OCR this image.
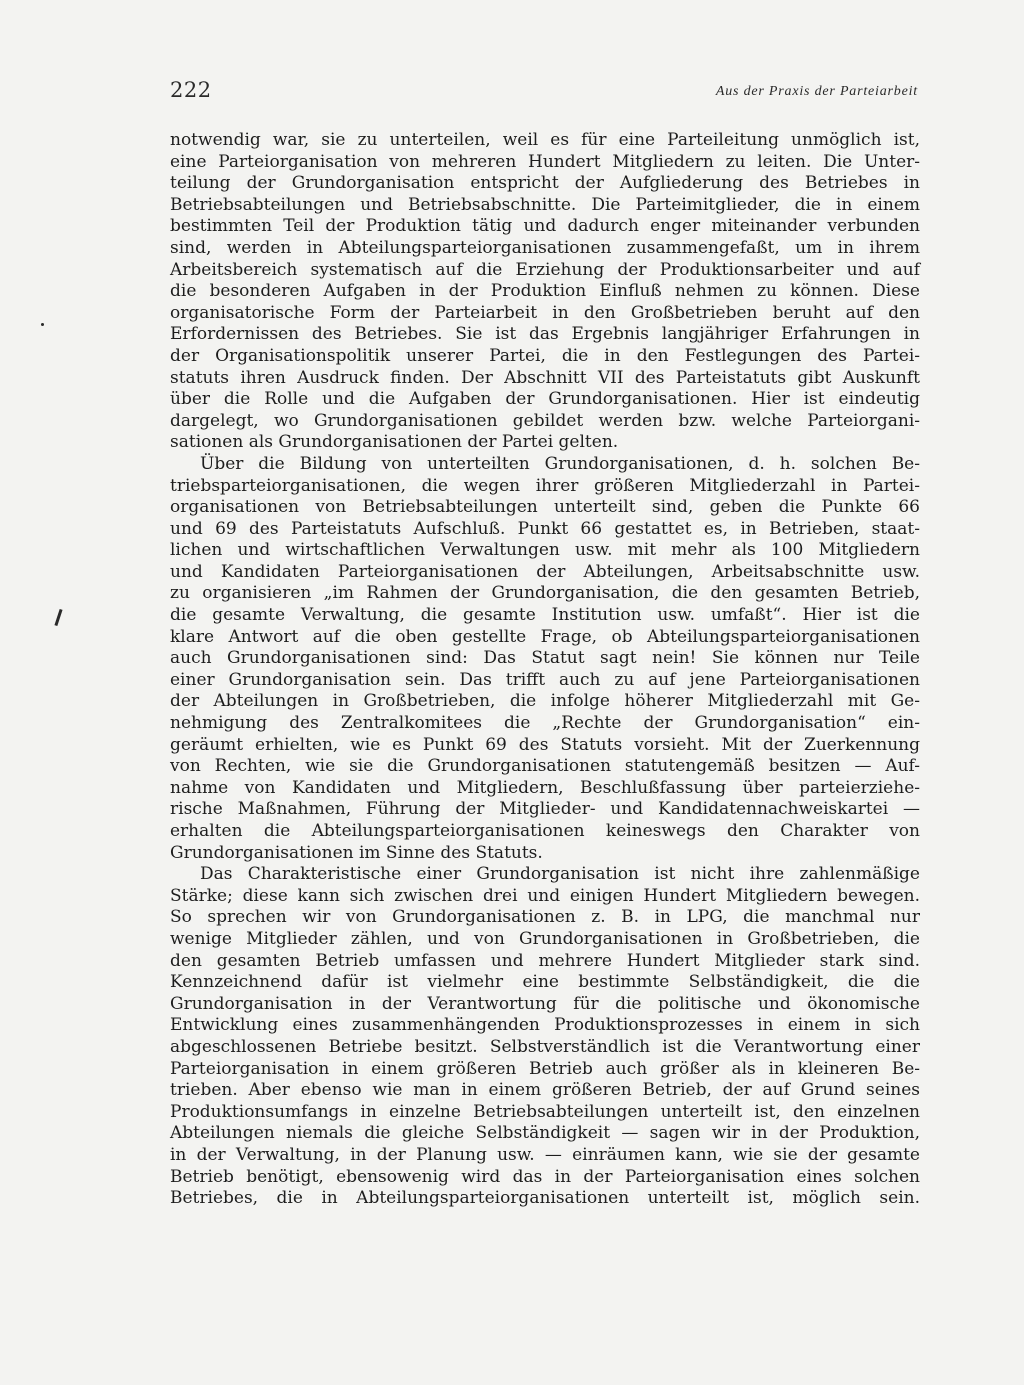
222	Aus der Praxis der Parteiarbeit
notwendig war, sie zu unterteilen, weil es für eine Parteileitung unmöglich ist,
eine Parteiorganisation von mehreren Hundert Mitgliedern zu leiten. Die Unter-
teilung der Grundorganisation entspricht der Aufgliederung des Betriebes in
Betriebsabteilungen und Betriebsabschnitte. Die Parteimitglieder, die in einem
bestimmten Teil der Produktion tätig und dadurch enger miteinander verbunden
sind, werden in Abteilungsparteiorganisationen zusammengefaßt, um in ihrem
Arbeitsbereich systematisch auf die Erziehung der Produktionsarbeiter und auf
die besonderen Aufgaben in der Produktion Einfluß nehmen zu können. Diese
organisatorische Form der Parteiarbeit in den Großbetrieben beruht auf den
Erfordernissen des Betriebes. Sie ist das Ergebnis langjähriger Erfahrungen in
der Organisationspolitik unserer Partei, die in den Festlegungen des Partei-
statuts ihren Ausdruck finden. Der Abschnitt VII des Parteistatuts gibt Auskunft
über die Rolle und die Aufgaben der Grundorganisationen. Hier ist eindeutig
dargelegt, wo Grundorganisationen gebildet werden bzw. welche Parteiorgani-
sationen als Grundorganisationen der Partei gelten.
Über die Bildung von unterteilten Grundorganisationen, d. h. solchen Be-
triebsparteiorganisationen, die wegen ihrer größeren Mitgliederzahl in Partei-
organisationen von Betriebsabteilungen unterteilt sind, geben die Punkte 66
und 69 des Parteistatuts Aufschluß. Punkt 66 gestattet es, in Betrieben, staat-
lichen und wirtschaftlichen Verwaltungen usw. mit mehr als 100 Mitgliedern
und Kandidaten Parteiorganisationen der Abteilungen, Arbeitsabschnitte usw.
zu organisieren „im Rahmen der Grundorganisation, die den gesamten Betrieb,
die gesamte Verwaltung, die gesamte Institution usw. umfaßt“. Hier ist die
klare Antwort auf die oben gestellte Frage, ob Abteilungsparteiorganisationen
auch Grundorganisationen sind: Das Statut sagt nein! Sie können nur Teile
einer Grundorganisation sein. Das trifft auch zu auf jene Parteiorganisationen
der Abteilungen in Großbetrieben, die infolge höherer Mitgliederzahl mit Ge-
nehmigung des Zentralkomitees die „Rechte der Grundorganisation“ ein-
geräumt erhielten, wie es Punkt 69 des Statuts vorsieht. Mit der Zuerkennung
von Rechten, wie sie die Grundorganisationen statutengemäß besitzen — Auf-
nahme von Kandidaten und Mitgliedern, Beschlußfassung über parteierziehe-
rische Maßnahmen, Führung der Mitglieder- und Kandidatennachweiskartei —
erhalten die Abteilungsparteiorganisationen keineswegs den Charakter von
Grundorganisationen im Sinne des Statuts.
Das Charakteristische einer Grundorganisation ist nicht ihre zahlenmäßige
Stärke; diese kann sich zwischen drei und einigen Hundert Mitgliedern bewegen.
So sprechen wir von Grundorganisationen z. B. in LPG, die manchmal nur
wenige Mitglieder zählen, und von Grundorganisationen in Großbetrieben, die
den gesamten Betrieb umfassen und mehrere Hundert Mitglieder stark sind.
Kennzeichnend dafür ist vielmehr eine bestimmte Selbständigkeit, die die
Grundorganisation in der Verantwortung für die politische und ökonomische
Entwicklung eines zusammenhängenden Produktionsprozesses in einem in sich
abgeschlossenen Betriebe besitzt. Selbstverständlich ist die Verantwortung einer
Parteiorganisation in einem größeren Betrieb auch größer als in kleineren Be-
trieben. Aber ebenso wie man in einem größeren Betrieb, der auf Grund seines
Produktionsumfangs in einzelne Betriebsabteilungen unterteilt ist, den einzelnen
Abteilungen niemals die gleiche Selbständigkeit — sagen wir in der Produktion,
in der Verwaltung, in der Planung usw. — einräumen kann, wie sie der gesamte
Betrieb benötigt, ebensowenig wird das in der Parteiorganisation eines solchen
Betriebes, die in Abteilungsparteiorganisationen unterteilt ist, möglich sein.
